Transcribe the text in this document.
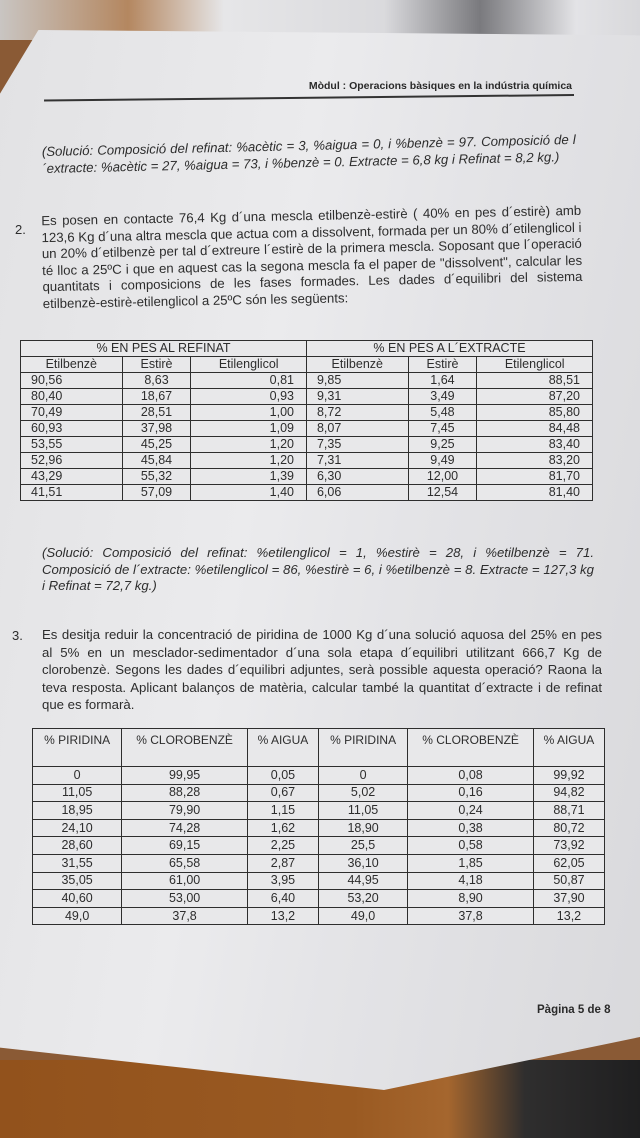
Mòdul : Operacions bàsiques en la indústria química
(Solució: Composició del refinat: %acètic = 3, %aigua = 0, i %benzè = 97. Composició de l´extracte: %acètic = 27, %aigua = 73, i %benzè = 0. Extracte = 6,8 kg i Refinat = 8,2 kg.)
2.
Es posen en contacte 76,4 Kg d´una mescla etilbenzè-estirè ( 40% en pes d´estirè) amb 123,6 Kg d´una altra mescla que actua com a dissolvent, formada per un 80% d´etilenglicol i un 20% d´etilbenzè per tal d´extreure l´estirè de la primera mescla. Soposant que l´operació té lloc a 25ºC i que en aquest cas la segona mescla fa el paper de "dissolvent", calcular les quantitats i composicions de les fases formades. Les dades d´equilibri del sistema etilbenzè-estirè-etilenglicol a 25ºC són les següents:
% EN PES AL REFINAT			% EN PES A L´EXTRACTE		
Etilbenzè	Estirè	Etilenglicol	Etilbenzè	Estirè	Etilenglicol
90,56	8,63	0,81	9,85	1,64	88,51
80,40	18,67	0,93	9,31	3,49	87,20
70,49	28,51	1,00	8,72	5,48	85,80
60,93	37,98	1,09	8,07	7,45	84,48
53,55	45,25	1,20	7,35	9,25	83,40
52,96	45,84	1,20	7,31	9,49	83,20
43,29	55,32	1,39	6,30	12,00	81,70
41,51	57,09	1,40	6,06	12,54	81,40
(Solució: Composició del refinat: %etilenglicol = 1, %estirè = 28, i %etilbenzè = 71. Composició de l´extracte: %etilenglicol = 86, %estirè = 6, i %etilbenzè = 8. Extracte = 127,3 kg i Refinat = 72,7 kg.)
3. Es desitja reduir la concentració de piridina de 1000 Kg d´una solució aquosa del 25% en pes al 5% en un mesclador-sedimentador d´una sola etapa d´equilibri utilitzant 666,7 Kg de clorobenzè. Segons les dades d´equilibri adjuntes, serà possible aquesta operació? Raona la teva resposta. Aplicant balanços de matèria, calcular també la quantitat d´extracte i de refinat que es formarà.
% PIRIDINA	% CLOROBENZÈ	% AIGUA	% PIRIDINA	% CLOROBENZÈ	% AIGUA
0	99,95	0,05	0	0,08	99,92
11,05	88,28	0,67	5,02	0,16	94,82
18,95	79,90	1,15	11,05	0,24	88,71
24,10	74,28	1,62	18,90	0,38	80,72
28,60	69,15	2,25	25,5	0,58	73,92
31,55	65,58	2,87	36,10	1,85	62,05
35,05	61,00	3,95	44,95	4,18	50,87
40,60	53,00	6,40	53,20	8,90	37,90
49,0	37,8	13,2	49,0	37,8	13,2
Pàgina 5 de 8
